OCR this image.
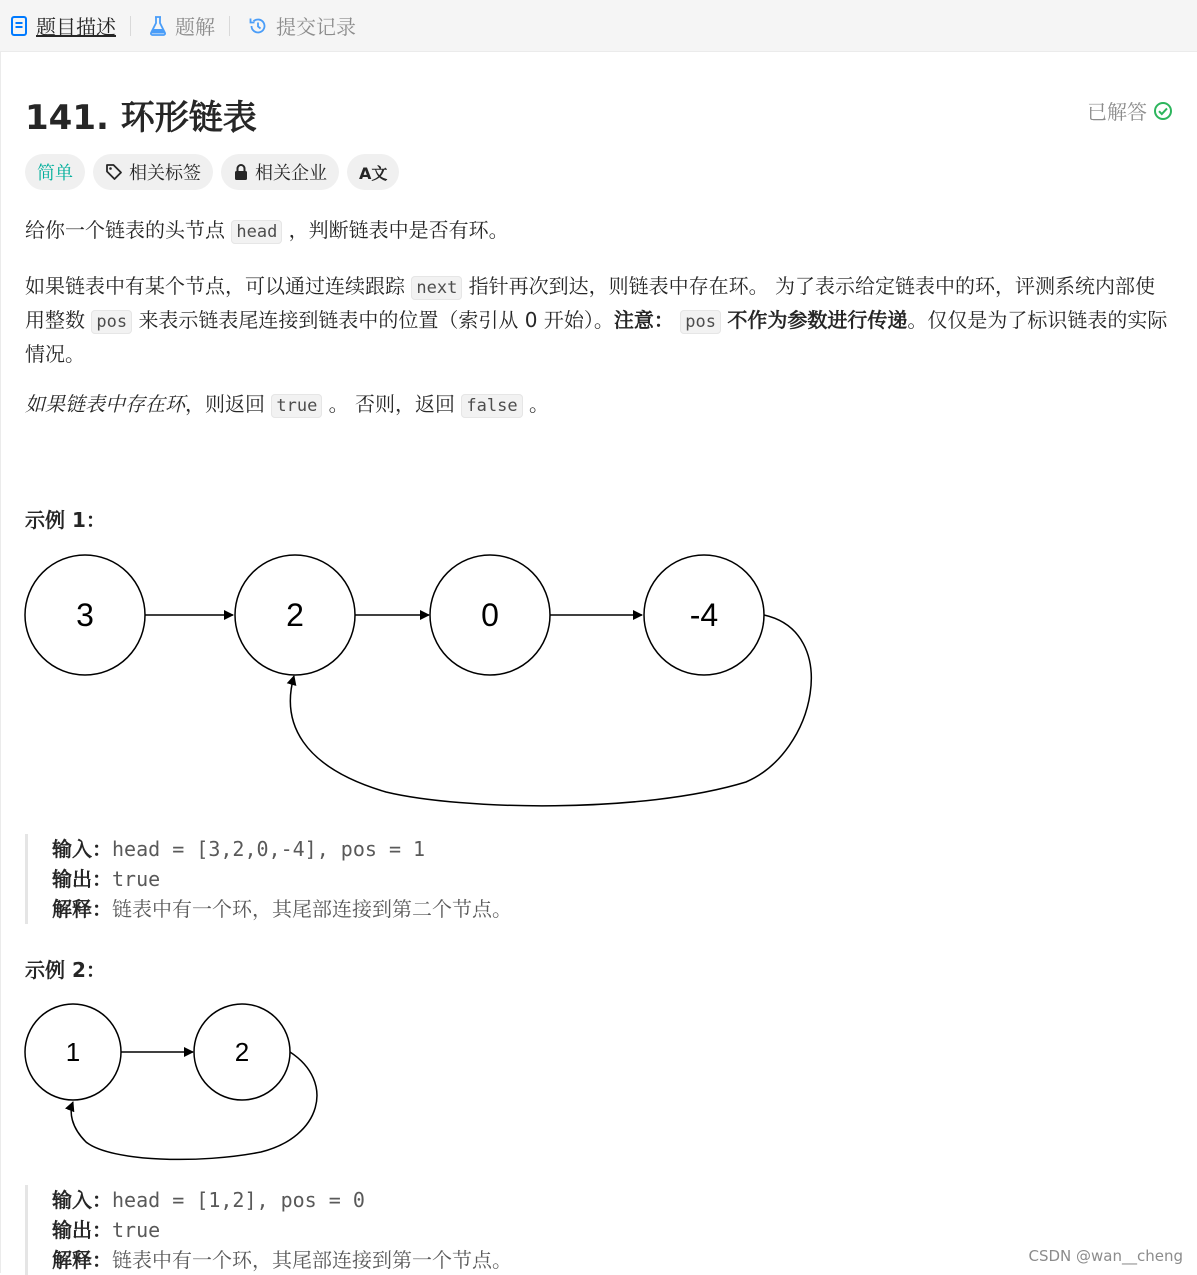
题目描述	题解	提交记录
141. 环形链表	已解答
简单	相关标签	相关企业 A文

给你一个链表的头节点 head ，判断链表中是否有环。

如果链表中有某个节点，可以通过连续跟踪 next 指针再次到达，则链表中存在环。 为了表示给定链表中的环，评测系统内部使用整数 pos 来表示链表尾连接到链表中的位置（索引从 0 开始）。注意： pos 不作为参数进行传递。仅仅是为了标识链表的实际情况。

如果链表中存在环，则返回 true 。 否则，返回 false 。

示例 1：
3	2	0	-4
输入：head = [3,2,0,-4], pos = 1
输出：true
解释：链表中有一个环，其尾部连接到第二个节点。
示例 2：
1	2
输入：head = [1,2], pos = 0
输出：true
解释：链表中有一个环，其尾部连接到第一个节点。	CSDN @wan__cheng
